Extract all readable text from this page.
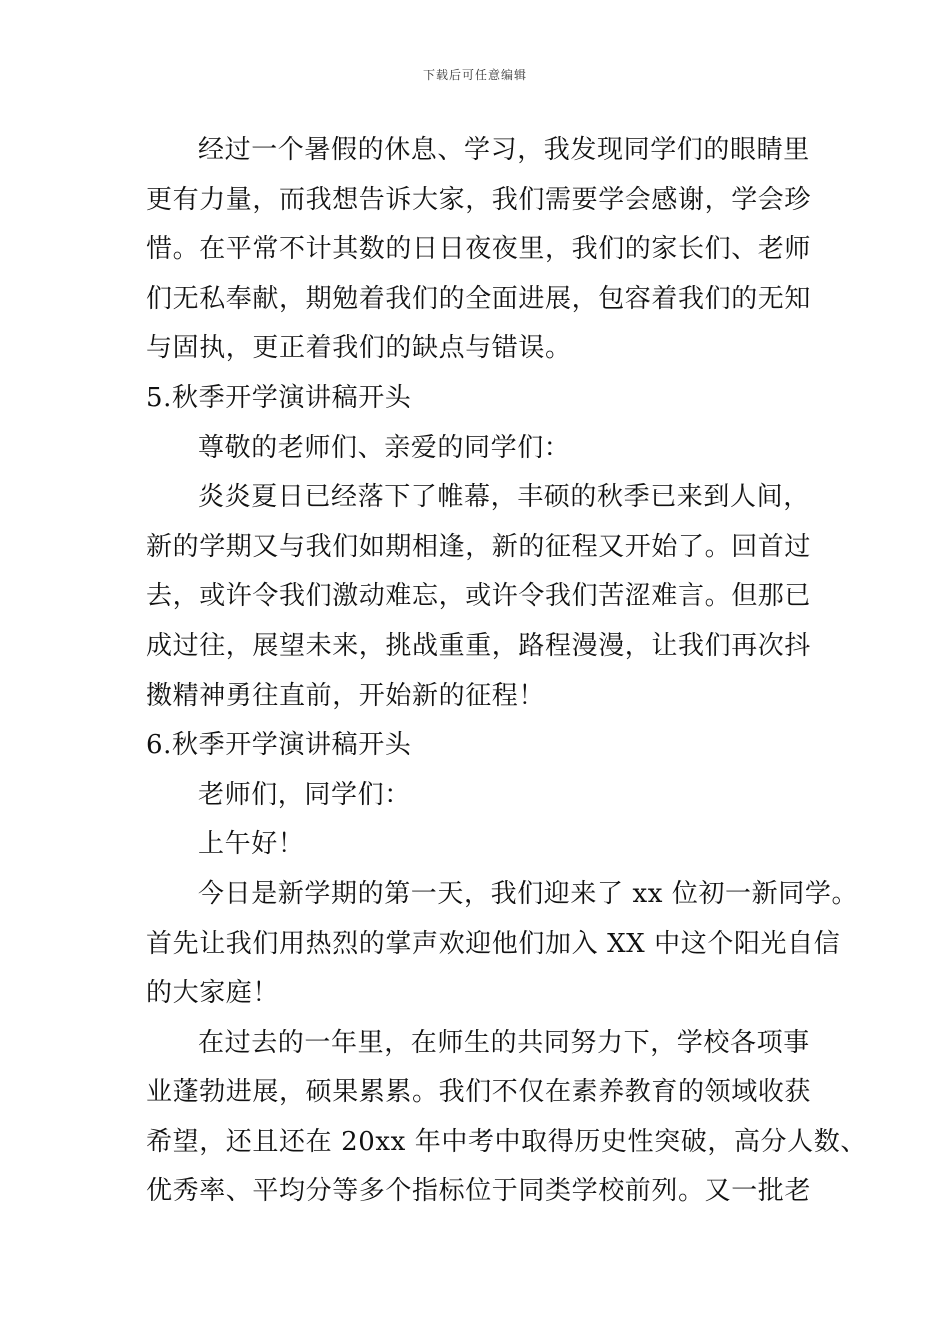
下载后可任意编辑
经过一个暑假的休息、学习，我发现同学们的眼睛里
更有力量，而我想告诉大家，我们需要学会感谢，学会珍
惜。在平常不计其数的日日夜夜里，我们的家长们、老师
们无私奉献，期勉着我们的全面进展，包容着我们的无知
与固执，更正着我们的缺点与错误。
5.秋季开学演讲稿开头
尊敬的老师们、亲爱的同学们：
炎炎夏日已经落下了帷幕，丰硕的秋季已来到人间，
新的学期又与我们如期相逢，新的征程又开始了。回首过
去，或许令我们激动难忘，或许令我们苦涩难言。但那已
成过往，展望未来，挑战重重，路程漫漫，让我们再次抖
擞精神勇往直前，开始新的征程！
6.秋季开学演讲稿开头
老师们，同学们：
上午好！
今日是新学期的第一天，我们迎来了 xx 位初一新同学。
首先让我们用热烈的掌声欢迎他们加入 XX 中这个阳光自信
的大家庭！
在过去的一年里，在师生的共同努力下，学校各项事
业蓬勃进展，硕果累累。我们不仅在素养教育的领域收获
希望，还且还在 20xx 年中考中取得历史性突破，高分人数、
优秀率、平均分等多个指标位于同类学校前列。又一批老
